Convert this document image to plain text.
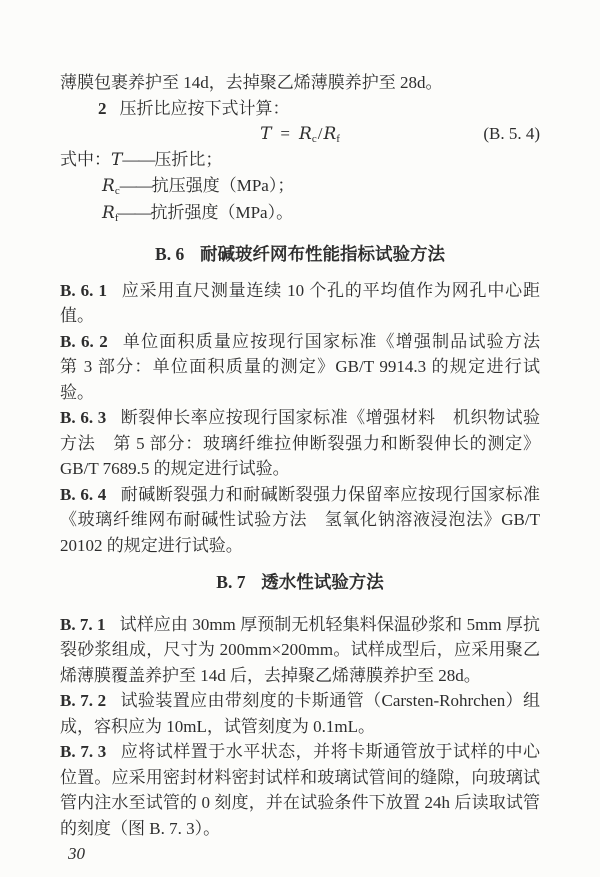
薄膜包裹养护至 14d，去掉聚乙烯薄膜养护至 28d。

2 压折比应按下式计算：

$T = R_c/R_f$	(B. 5. 4)
式中：T——压折比；
$R_c——$抗压强度（MPa）；
$R_f——$抗折强度（MPa）。
B. 6 耐碱玻纤网布性能指标试验方法

B. 6. 1 应采用直尺测量连续 10 个孔的平均值作为网孔中心距值。

B. 6. 2 单位面积质量应按现行国家标准《增强制品试验方法　第 3 部分：单位面积质量的测定》GB/T 9914.3 的规定进行试验。

B. 6. 3 断裂伸长率应按现行国家标准《增强材料　机织物试验方法　第 5 部分：玻璃纤维拉伸断裂强力和断裂伸长的测定》GB/T 7689.5 的规定进行试验。

B. 6. 4 耐碱断裂强力和耐碱断裂强力保留率应按现行国家标准《玻璃纤维网布耐碱性试验方法　氢氧化钠溶液浸泡法》GB/T 20102 的规定进行试验。

B. 7 透水性试验方法

B. 7. 1 试样应由 30mm 厚预制无机轻集料保温砂浆和 5mm 厚抗裂砂浆组成，尺寸为 200mm×200mm。试样成型后，应采用聚乙烯薄膜覆盖养护至 14d 后，去掉聚乙烯薄膜养护至 28d。

B. 7. 2 试验装置应由带刻度的卡斯通管（Carsten-Rohrchen）组成，容积应为 10mL，试管刻度为 0.1mL。

B. 7. 3 应将试样置于水平状态，并将卡斯通管放于试样的中心位置。应采用密封材料密封试样和玻璃试管间的缝隙，向玻璃试管内注水至试管的 0 刻度，并在试验条件下放置 24h 后读取试管的刻度（图 B. 7. 3）。

30
